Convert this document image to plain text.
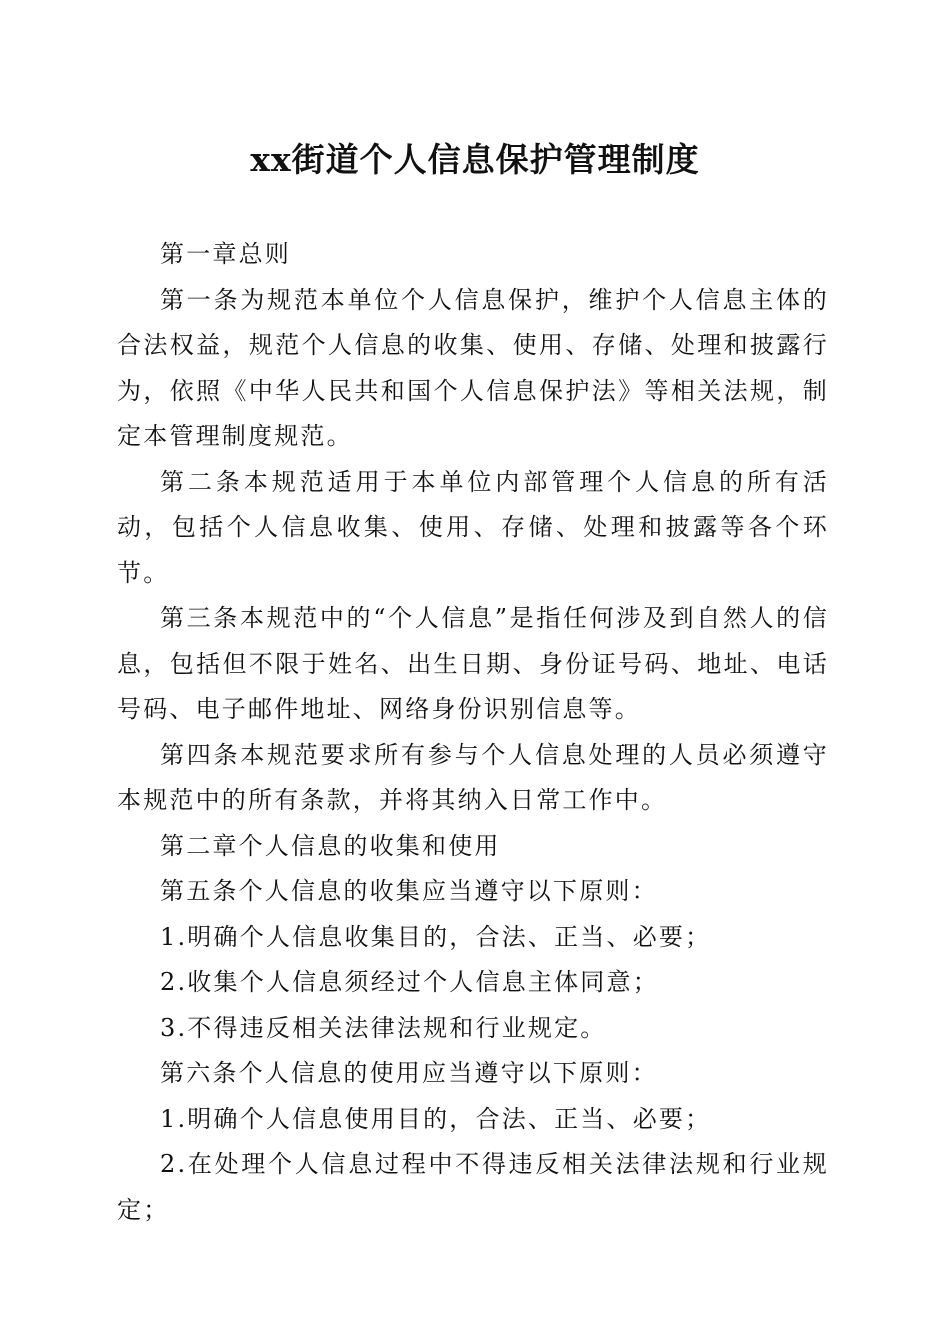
xx街道个人信息保护管理制度

第一章总则

第一条为规范本单位个人信息保护，维护个人信息主体的合法权益，规范个人信息的收集、使用、存储、处理和披露行为，依照《中华人民共和国个人信息保护法》等相关法规，制定本管理制度规范。

第二条本规范适用于本单位内部管理个人信息的所有活动，包括个人信息收集、使用、存储、处理和披露等各个环节。

第三条本规范中的“个人信息”是指任何涉及到自然人的信息，包括但不限于姓名、出生日期、身份证号码、地址、电话号码、电子邮件地址、网络身份识别信息等。

第四条本规范要求所有参与个人信息处理的人员必须遵守本规范中的所有条款，并将其纳入日常工作中。

第二章个人信息的收集和使用

第五条个人信息的收集应当遵守以下原则：

1.明确个人信息收集目的，合法、正当、必要；

2.收集个人信息须经过个人信息主体同意；

3.不得违反相关法律法规和行业规定。

第六条个人信息的使用应当遵守以下原则：

1.明确个人信息使用目的，合法、正当、必要；

2.在处理个人信息过程中不得违反相关法律法规和行业规定；
